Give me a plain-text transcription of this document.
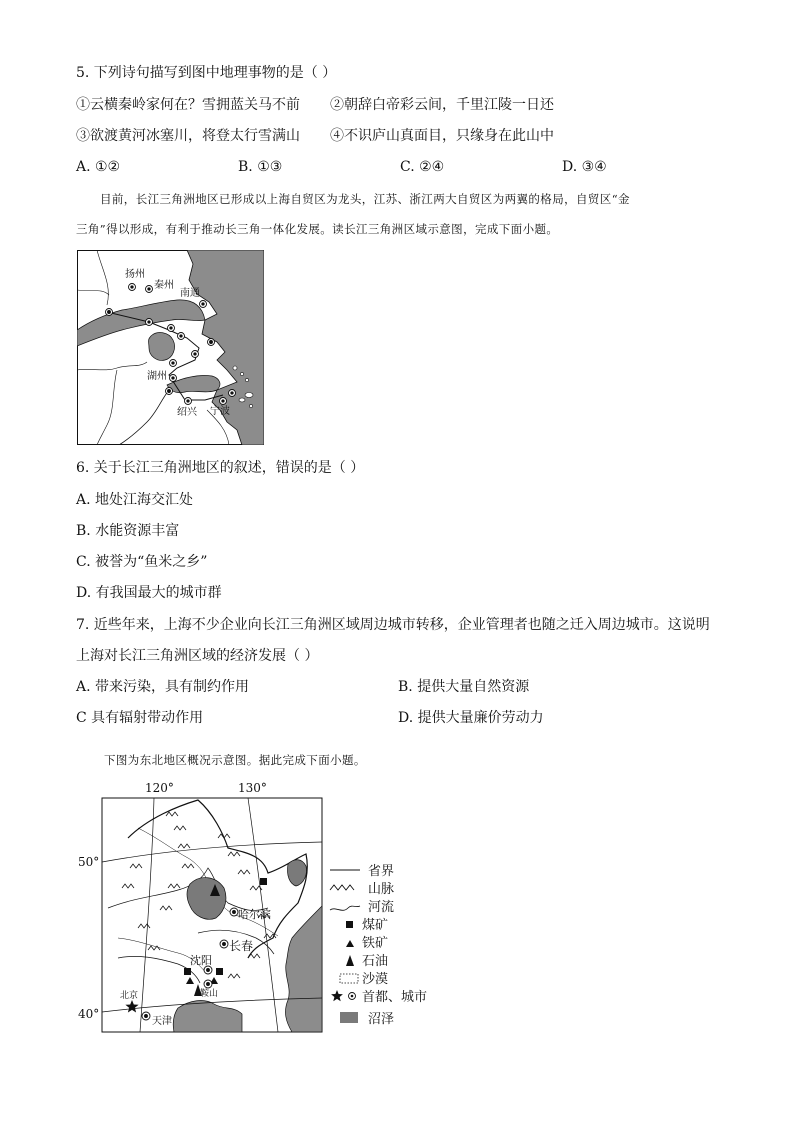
5. 下列诗句描写到图中地理事物的是（ ）
①云横秦岭家何在？雪拥蓝关马不前 ②朝辞白帝彩云间，千里江陵一日还
③欲渡黄河冰塞川，将登太行雪满山 ④不识庐山真面目，只缘身在此山中
A. ①②	B. ①③	C. ②④	D. ③④
目前，长江三角洲地区已形成以上海自贸区为龙头，江苏、浙江两大自贸区为两翼的格局，自贸区“金
三角”得以形成，有利于推动长三角一体化发展。读长江三角洲区域示意图，完成下面小题。
扬州
秦州
南通
湖州
绍兴 宁波
6. 关于长江三角洲地区的叙述，错误的是（ ）
A. 地处江海交汇处
B. 水能资源丰富
C. 被誉为“鱼米之乡”
D. 有我国最大的城市群
7. 近些年来，上海不少企业向长江三角洲区域周边城市转移，企业管理者也随之迁入周边城市。这说明
上海对长江三角洲区域的经济发展（ ）
A. 带来污染，具有制约作用	B. 提供大量自然资源
C 具有辐射带动作用	D. 提供大量廉价劳动力
下图为东北地区概况示意图。据此完成下面小题。
120°	130°
50°
40°
哈尔滨
长春
沈阳
鞍山
北京
天津
省界
山脉
河流
煤矿
铁矿
石油
沙漠
首都、城市
沼泽
